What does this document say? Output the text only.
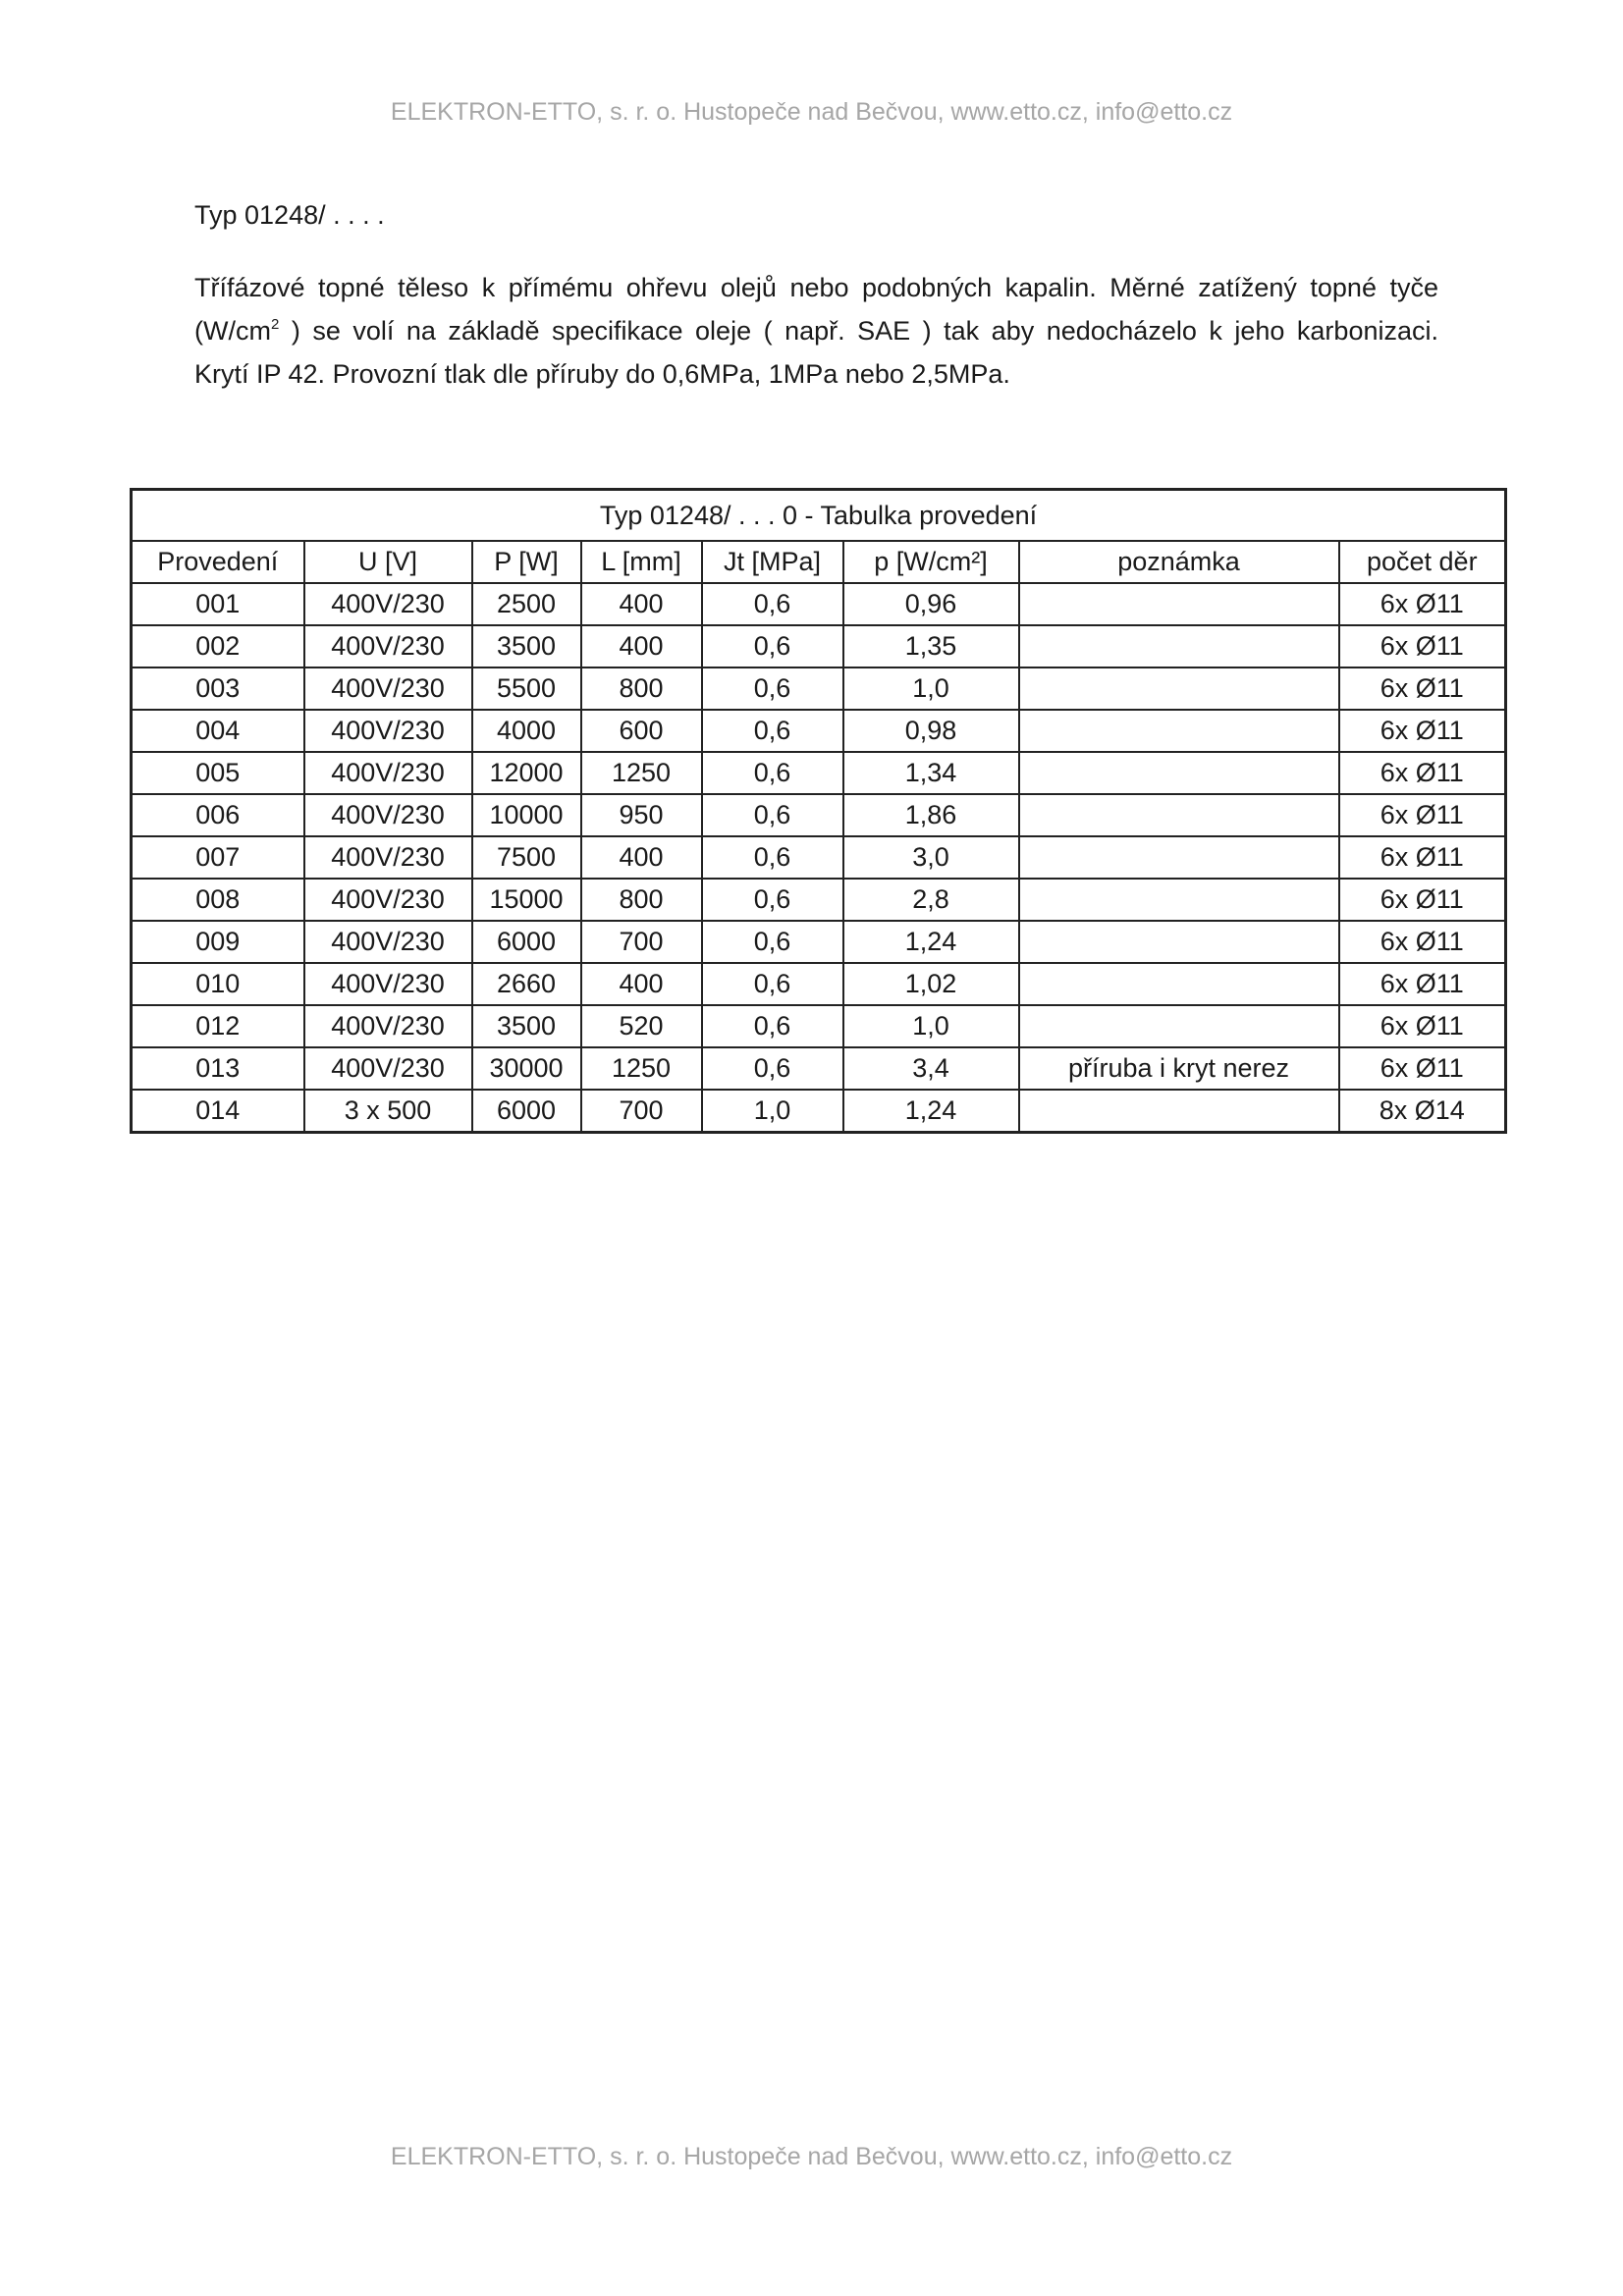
ELEKTRON-ETTO, s. r. o. Hustopeče nad Bečvou, www.etto.cz, info@etto.cz
Typ 01248/ . . . .
Třífázové topné těleso k přímému ohřevu olejů nebo podobných kapalin. Měrné zatížený topné tyče
($W/cm^2$ ) se volí na základě specifikace oleje ( např. SAE ) tak aby nedocházelo k jeho karbonizaci.
Krytí IP 42. Provozní tlak dle příruby do 0,6MPa, 1MPa nebo 2,5MPa.
Typ 01248/ . . . 0 - Tabulka provedení							
Provedení	U [V]	P [W]	L [mm]	Jt [MPa]	p [W/cm²]	poznámka	počet děr
001	400V/230	2500	400	0,6	0,96		6x Ø11
002	400V/230	3500	400	0,6	1,35		6x Ø11
003	400V/230	5500	800	0,6	1,0		6x Ø11
004	400V/230	4000	600	0,6	0,98		6x Ø11
005	400V/230	12000	1250	0,6	1,34		6x Ø11
006	400V/230	10000	950	0,6	1,86		6x Ø11
007	400V/230	7500	400	0,6	3,0		6x Ø11
008	400V/230	15000	800	0,6	2,8		6x Ø11
009	400V/230	6000	700	0,6	1,24		6x Ø11
010	400V/230	2660	400	0,6	1,02		6x Ø11
012	400V/230	3500	520	0,6	1,0		6x Ø11
013	400V/230	30000	1250	0,6	3,4	příruba i kryt nerez	6x Ø11
014	3 x 500	6000	700	1,0	1,24		8x Ø14
ELEKTRON-ETTO, s. r. o. Hustopeče nad Bečvou, www.etto.cz, info@etto.cz
